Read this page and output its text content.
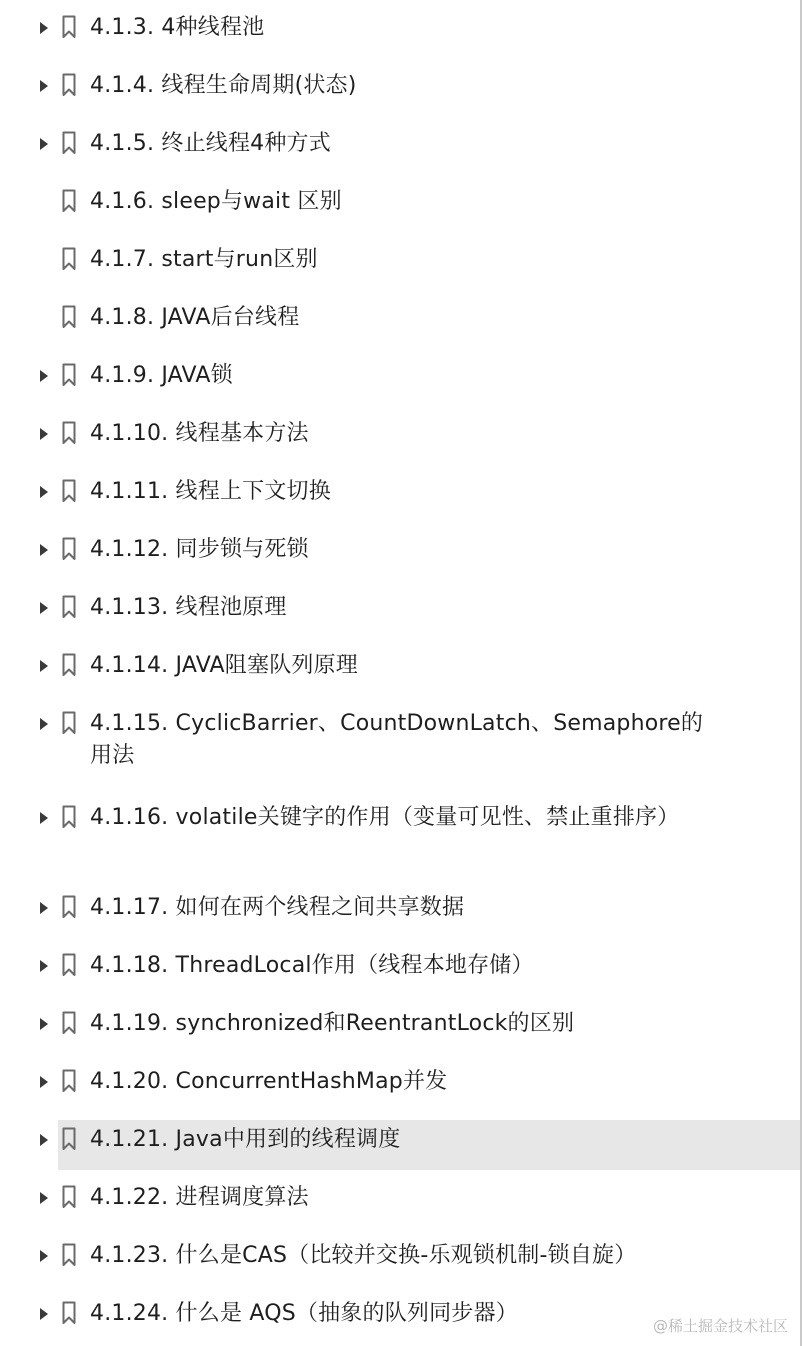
4.1.3. 4种线程池
4.1.4. 线程生命周期(状态)
4.1.5. 终止线程4种方式
4.1.6. sleep与wait 区别
4.1.7. start与run区别
4.1.8. JAVA后台线程
4.1.9. JAVA锁
4.1.10. 线程基本方法
4.1.11. 线程上下文切换
4.1.12. 同步锁与死锁
4.1.13. 线程池原理
4.1.14. JAVA阻塞队列原理
4.1.15. CyclicBarrier、CountDownLatch、Semaphore的用法
4.1.16. volatile关键字的作用（变量可见性、禁止重排序）
4.1.17. 如何在两个线程之间共享数据
4.1.18. ThreadLocal作用（线程本地存储）
4.1.19. synchronized和ReentrantLock的区别
4.1.20. ConcurrentHashMap并发
4.1.21. Java中用到的线程调度
4.1.22. 进程调度算法
4.1.23. 什么是CAS（比较并交换-乐观锁机制-锁自旋）
4.1.24. 什么是 AQS（抽象的队列同步器）	@稀土掘金技术社区
